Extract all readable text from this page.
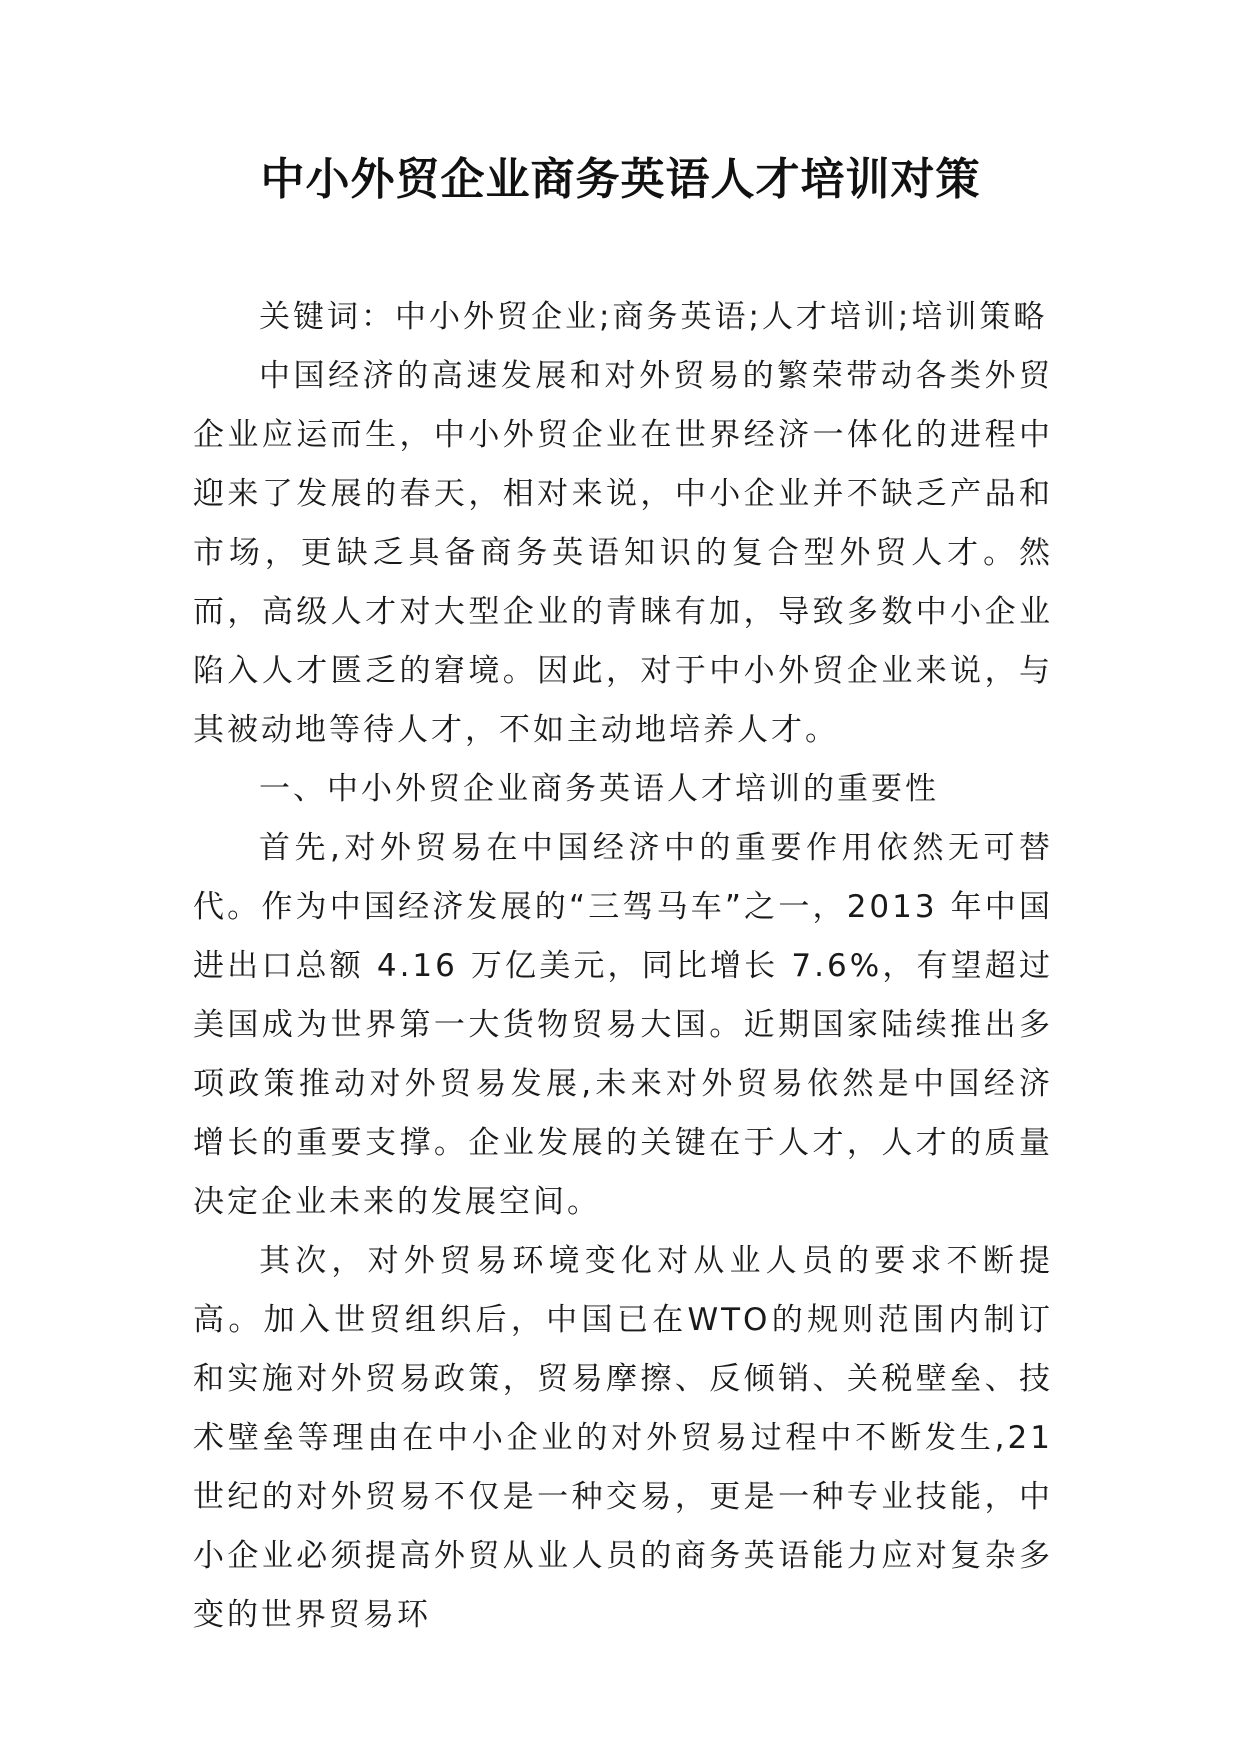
中小外贸企业商务英语人才培训对策

关键词：中小外贸企业;商务英语;人才培训;培训策略

中国经济的高速发展和对外贸易的繁荣带动各类外贸企业应运而生，中小外贸企业在世界经济一体化的进程中迎来了发展的春天，相对来说，中小企业并不缺乏产品和市场，更缺乏具备商务英语知识的复合型外贸人才。然而，高级人才对大型企业的青睐有加，导致多数中小企业陷入人才匮乏的窘境。因此，对于中小外贸企业来说，与其被动地等待人才，不如主动地培养人才。

一、中小外贸企业商务英语人才培训的重要性

首先,对外贸易在中国经济中的重要作用依然无可替代。作为中国经济发展的“三驾马车”之一，2013 年中国进出口总额 4.16 万亿美元，同比增长 7.6%，有望超过美国成为世界第一大货物贸易大国。近期国家陆续推出多项政策推动对外贸易发展,未来对外贸易依然是中国经济增长的重要支撑。企业发展的关键在于人才，人才的质量决定企业未来的发展空间。

其次，对外贸易环境变化对从业人员的要求不断提高。加入世贸组织后，中国已在WTO的规则范围内制订和实施对外贸易政策，贸易摩擦、反倾销、关税壁垒、技术壁垒等理由在中小企业的对外贸易过程中不断发生,21 世纪的对外贸易不仅是一种交易，更是一种专业技能，中小企业必须提高外贸从业人员的商务英语能力应对复杂多变的世界贸易环
